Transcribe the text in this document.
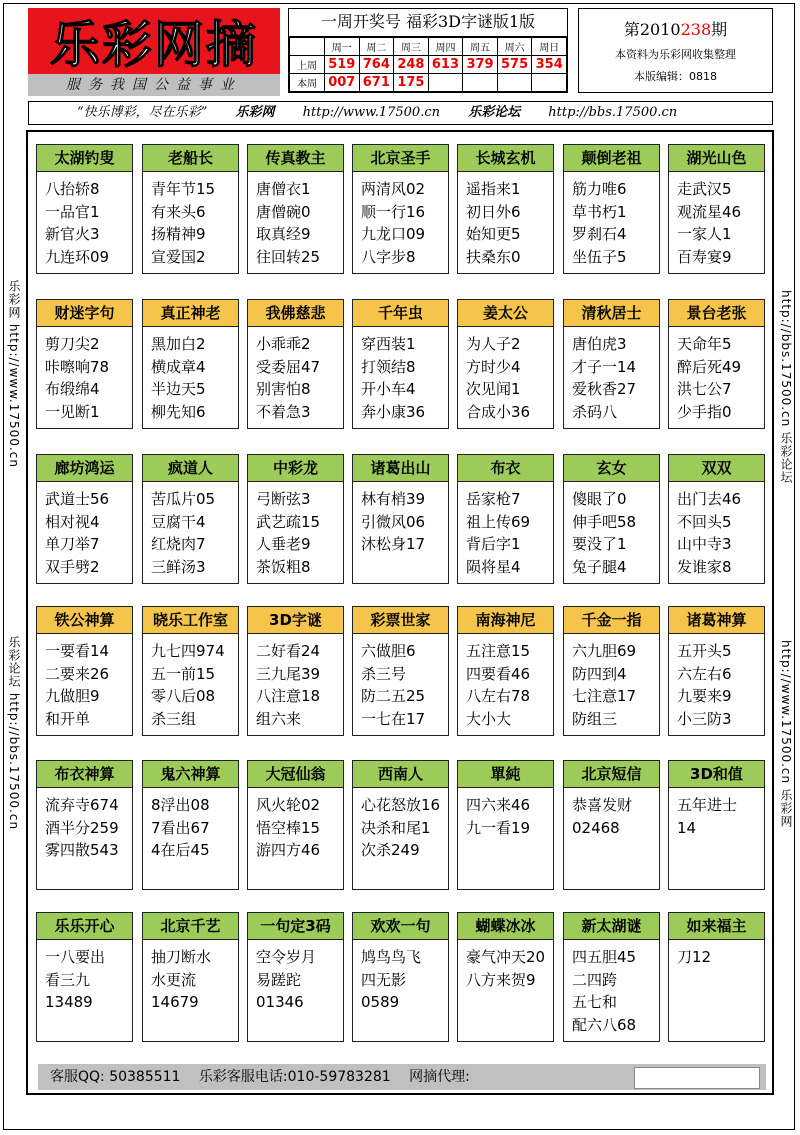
乐彩网摘
服务我国公益事业
一周开奖号 福彩3D字谜版1版
	周一	周二	周三	周四	周五	周六	周日
上周	519	764	248	613	379	575	354
本周	007	671	175				
第2010238期
本资料为乐彩网收集整理
本版编辑：0818
“快乐博彩，尽在乐彩” 乐彩网 http://www.17500.cn 乐彩论坛 http://bbs.17500.cn
乐彩网 http://www.17500.cn
乐彩论坛 http://bbs.17500.cn
http://bbs.17500.cn 乐彩论坛
http://www.17500.cn 乐彩网
太湖钓叟
八抬轿8
一品官1
新官火3
九连环09
老船长
青年节15
有来头6
扬精神9
宣爱国2
传真教主
唐僧衣1
唐僧碗0
取真经9
往回转25
北京圣手
两清风02
顺一行16
九龙口09
八字步8
长城玄机
遥指来1
初日外6
始知更5
扶桑东0
颠倒老祖
筋力唯6
草书朽1
罗刹石4
坐伍子5
湖光山色
走武汉5
观流星46
一家人1
百寿宴9
财迷字句
剪刀尖2
咔嚓响78
布缎绵4
一见断1
真正神老
黑加白2
横成章4
半边天5
柳先知6
我佛慈悲
小乖乖2
受委屈47
别害怕8
不着急3
千年虫
穿西装1
打领结8
开小车4
奔小康36
姜太公
为人子2
方时少4
次见闻1
合成小36
清秋居士
唐伯虎3
才子一14
爱秋香27
杀码八
景台老张
天命年5
醉后死49
洪七公7
少手指0
廊坊鸿运
武道士56
相对视4
单刀举7
双手劈2
疯道人
苦瓜片05
豆腐干4
红烧肉7
三鲜汤3
中彩龙
弓断弦3
武艺疏15
人垂老9
茶饭粗8
诸葛出山
林有梢39
引微风06
沐松身17
布衣
岳家枪7
祖上传69
背后字1
陨将星4
玄女
傻眼了0
伸手吧58
要没了1
兔子腿4
双双
出门去46
不回头5
山中寺3
发谁家8
铁公神算
一要看14
二要来26
九做胆9
和开单
晓乐工作室
九七四974
五一前15
零八后08
杀三组
3D字谜
二好看24
三九尾39
八注意18
组六来
彩票世家
六做胆6
杀三号
防二五25
一七在17
南海神尼
五注意15
四要看46
八左右78
大小大
千金一指
六九胆69
防四到4
七注意17
防组三
诸葛神算
五开头5
六左右6
九要来9
小三防3
布衣神算
流弃寺674
酒半分259
雾四散543
鬼六神算
8浮出08
7看出67
4在后45
大冠仙翁
风火轮02
悟空棒15
游四方46
西南人
心花怒放16
决杀和尾1
次杀249
單純
四六来46
九一看19
北京短信
恭喜发财
02468
3D和值
五年进士
14
乐乐开心
一八要出
看三九
13489
北京千艺
抽刀断水
水更流
14679
一句定3码
空令岁月
易蹉跎
01346
欢欢一句
鸠鸟鸟飞
四无影
0589
蝴蝶冰冰
豪气冲天20
八方来贺9
新太湖谜
四五胆45
二四跨
五七和
配六八68
如来福主
刀12
客服QQ: 50385511 乐彩客服电话:010-59783281 网摘代理:
